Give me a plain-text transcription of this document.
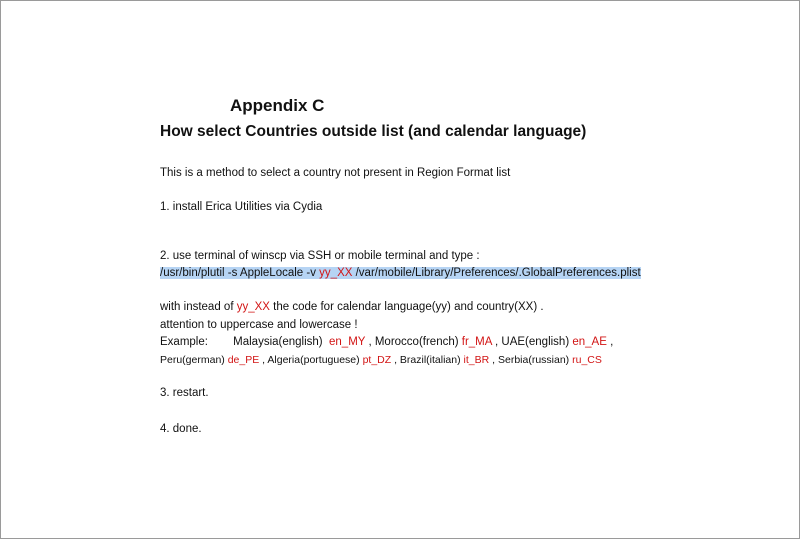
Appendix C
How select Countries outside list (and calendar language)

This is a method to select a country not present in Region Format list

1. install Erica Utilities via Cydia

2. use terminal of winscp via SSH or mobile terminal and type :

/usr/bin/plutil -s AppleLocale -v yy_XX /var/mobile/Library/Preferences/.GlobalPreferences.plist

with instead of yy_XX the code for calendar language(yy) and country(XX) .

attention to uppercase and lowercase !

Example: Malaysia(english) en_MY , Morocco(french) fr_MA , UAE(english) en_AE ,

Peru(german) de_PE , Algeria(portuguese) pt_DZ , Brazil(italian) it_BR , Serbia(russian) ru_CS

3. restart.

4. done.
